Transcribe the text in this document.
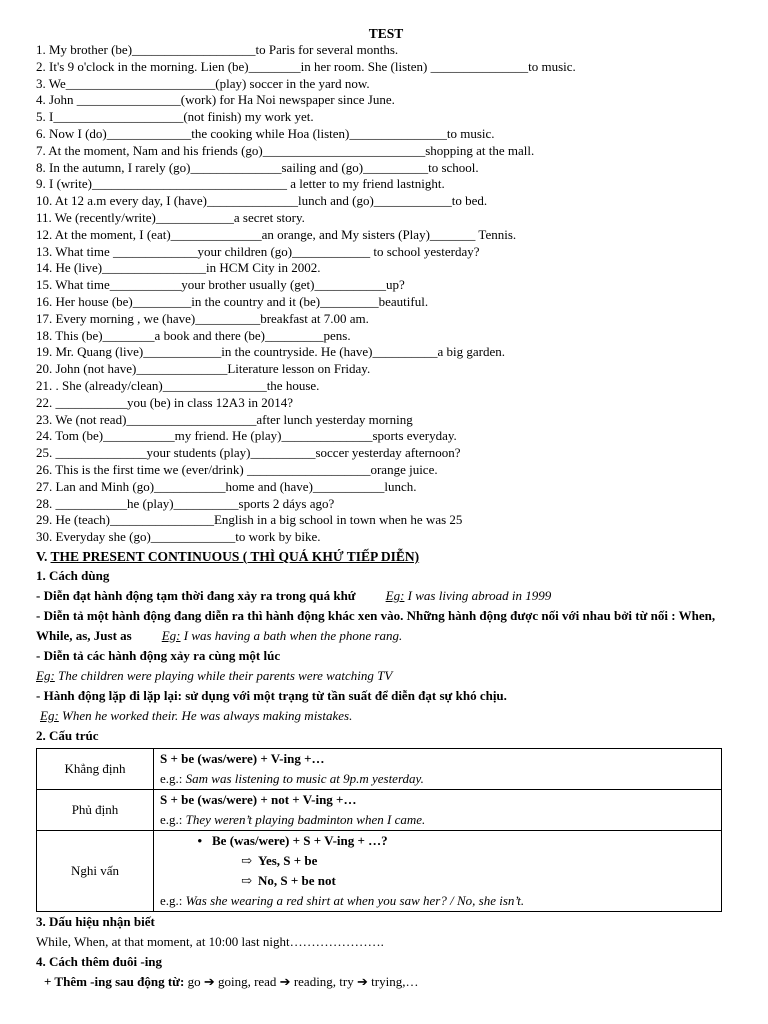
TEST
1. My brother (be)___________________to Paris for several months.
2. It's 9 o'clock in the morning. Lien (be)________in her room. She (listen) _______________to music.
3. We_______________________(play) soccer in the yard now.
4. John ________________(work) for Ha Noi newspaper since June.
5. I____________________(not finish) my work yet.
6. Now I (do)_____________the cooking while Hoa (listen)_______________to music.
7. At the moment, Nam and his friends (go)_________________________shopping at the mall.
8. In the autumn, I rarely (go)______________sailing and (go)__________to school.
9. I (write)______________________________ a letter to my friend lastnight.
10. At 12 a.m every day, I (have)______________lunch and (go)____________to bed.
11. We (recently/write)____________a secret story.
12. At the moment, I (eat)______________an orange, and My sisters (Play)_______ Tennis.
13. What time _____________your children (go)____________ to school yesterday?
14. He (live)________________in HCM City in 2002.
15. What time___________your brother usually (get)___________up?
16. Her house (be)_________in the country and it (be)_________beautiful.
17. Every morning , we (have)__________breakfast at 7.00 am.
18. This (be)________a book and there (be)_________pens.
19. Mr. Quang (live)____________in the countryside. He (have)__________a big garden.
20. John (not have)______________Literature lesson on Friday.
21. . She (already/clean)________________the house.
22. ___________you (be) in class 12A3 in 2014?
23. We (not read)____________________after lunch yesterday morning
24. Tom (be)___________my friend. He (play)______________sports everyday.
25. ______________your students (play)__________soccer yesterday afternoon?
26. This is the first time we (ever/drink) ___________________orange juice.
27. Lan and Minh (go)___________home and (have)___________lunch.
28. ___________he (play)__________sports 2 dáys ago?
29. He (teach)________________English in a big school in town when he was 25
30. Everyday she (go)_____________to work by bike.
V. THE PRESENT CONTINUOUS ( THÌ QUÁ KHỨ TIẾP DIỄN)
1. Cách dùng
- Diễn đạt hành động tạm thời đang xảy ra trong quá khứ Eg: I was living abroad in 1999
- Diễn tả một hành động đang diễn ra thì hành động khác xen vào. Những hành động được nối với nhau bởi từ nối : When, While, as, Just as Eg: I was having a bath when the phone rang.
- Diễn tả các hành động xảy ra cùng một lúc
Eg: The children were playing while their parents were watching TV
- Hành động lặp đi lặp lại: sử dụng với một trạng từ tần suất để diễn đạt sự khó chịu.
Eg: When he worked their. He was always making mistakes.
2. Cấu trúc
Khẳng định	S + be (was/were) + V-ing +…
e.g.: Sam was listening to music at 9p.m yesterday.

Phủ định	S + be (was/were) + not + V-ing +…
e.g.: They weren’t playing badminton when I came.

Nghi vấn	• Be (was/were) + S + V-ing + …?
⇨ Yes, S + be
⇨ No, S + be not
e.g.: Was she wearing a red shirt at when you saw her? / No, she isn’t.
3. Dấu hiệu nhận biết
While, When, at that moment, at 10:00 last night………………….
4. Cách thêm đuôi -ing
+ Thêm -ing sau động từ: go ➔ going, read ➔ reading, try ➔ trying,…
